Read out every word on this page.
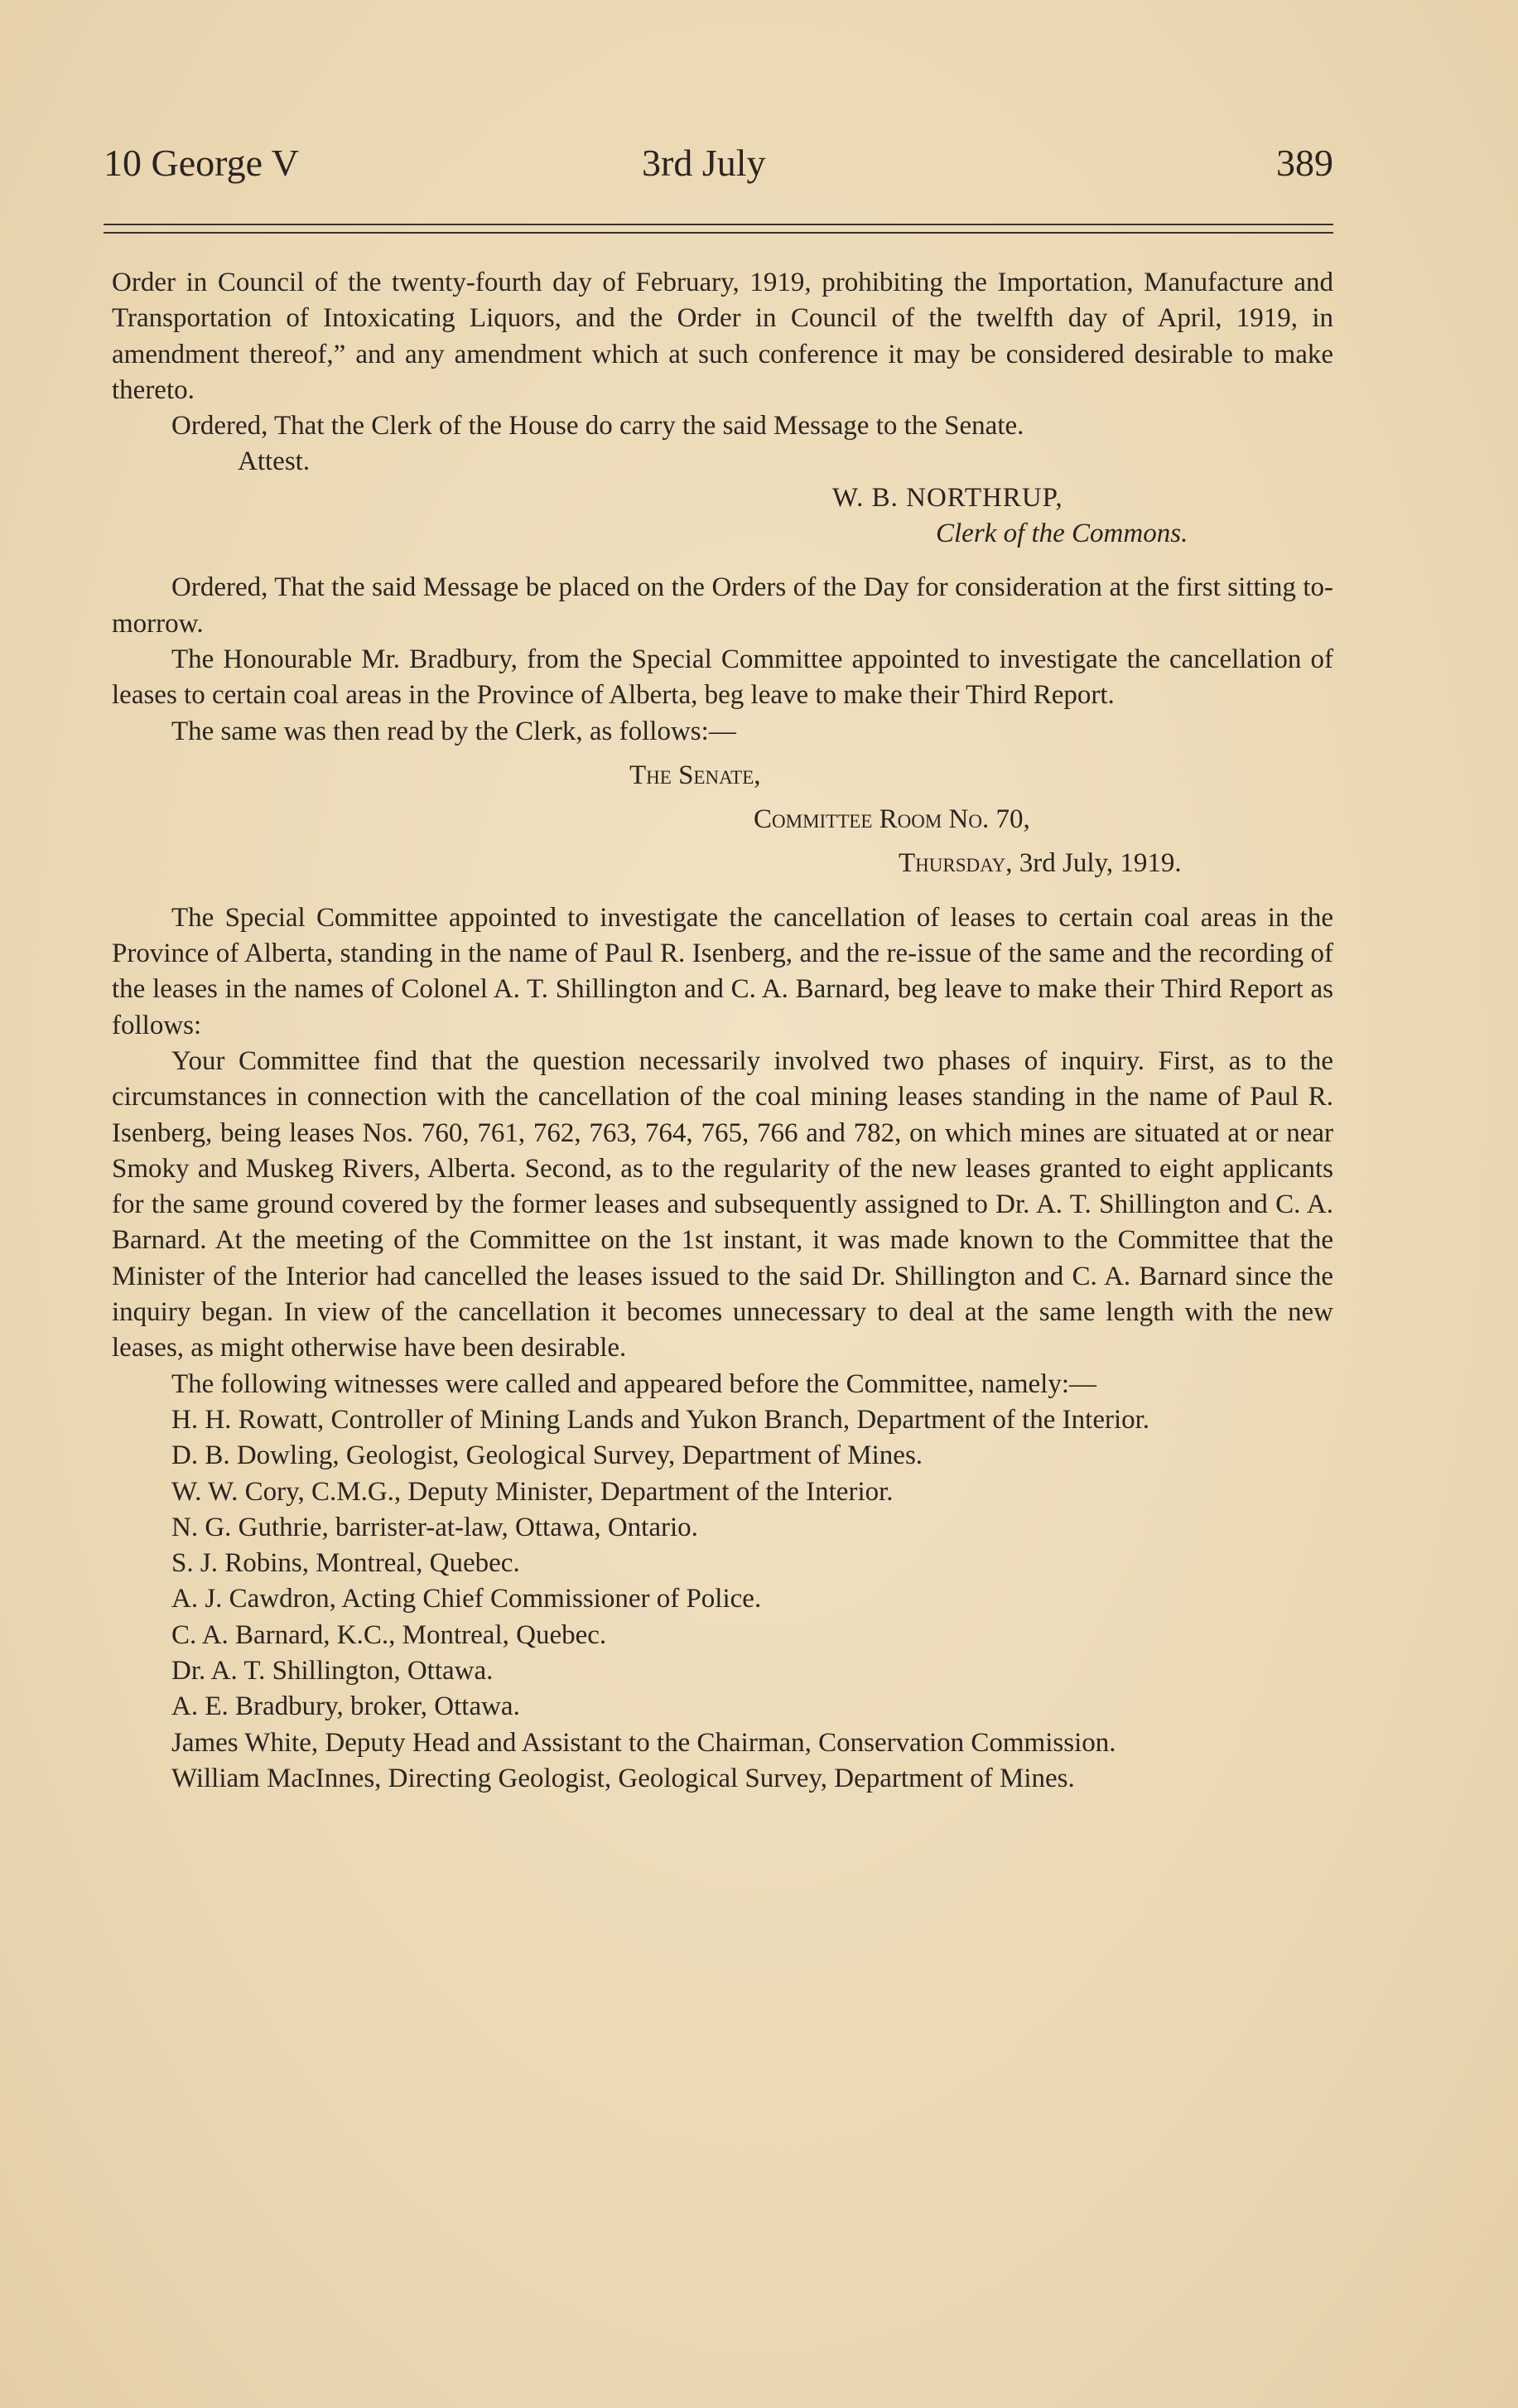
10 George V	3rd July	389

Order in Council of the twenty-fourth day of February, 1919, prohibiting the Importation, Manufacture and Transportation of Intoxicating Liquors, and the Order in Council of the twelfth day of April, 1919, in amendment thereof,” and any amendment which at such conference it may be considered desirable to make thereto.

Ordered, That the Clerk of the House do carry the said Message to the Senate.

Attest.

W. B. NORTHRUP,

Clerk of the Commons.

Ordered, That the said Message be placed on the Orders of the Day for consideration at the first sitting to-morrow.

The Honourable Mr. Bradbury, from the Special Committee appointed to investigate the cancellation of leases to certain coal areas in the Province of Alberta, beg leave to make their Third Report.

The same was then read by the Clerk, as follows:—

The Senate,

Committee Room No. 70,

Thursday, 3rd July, 1919.

The Special Committee appointed to investigate the cancellation of leases to certain coal areas in the Province of Alberta, standing in the name of Paul R. Isenberg, and the re-issue of the same and the recording of the leases in the names of Colonel A. T. Shillington and C. A. Barnard, beg leave to make their Third Report as follows:

Your Committee find that the question necessarily involved two phases of inquiry. First, as to the circumstances in connection with the cancellation of the coal mining leases standing in the name of Paul R. Isenberg, being leases Nos. 760, 761, 762, 763, 764, 765, 766 and 782, on which mines are situated at or near Smoky and Muskeg Rivers, Alberta. Second, as to the regularity of the new leases granted to eight applicants for the same ground covered by the former leases and subsequently assigned to Dr. A. T. Shillington and C. A. Barnard. At the meeting of the Committee on the 1st instant, it was made known to the Committee that the Minister of the Interior had cancelled the leases issued to the said Dr. Shillington and C. A. Barnard since the inquiry began. In view of the cancellation it becomes unnecessary to deal at the same length with the new leases, as might otherwise have been desirable.

The following witnesses were called and appeared before the Committee, namely:—

H. H. Rowatt, Controller of Mining Lands and Yukon Branch, Department of the Interior.

D. B. Dowling, Geologist, Geological Survey, Department of Mines.

W. W. Cory, C.M.G., Deputy Minister, Department of the Interior.

N. G. Guthrie, barrister-at-law, Ottawa, Ontario.

S. J. Robins, Montreal, Quebec.

A. J. Cawdron, Acting Chief Commissioner of Police.

C. A. Barnard, K.C., Montreal, Quebec.

Dr. A. T. Shillington, Ottawa.

A. E. Bradbury, broker, Ottawa.

James White, Deputy Head and Assistant to the Chairman, Conservation Commission.

William MacInnes, Directing Geologist, Geological Survey, Department of Mines.
